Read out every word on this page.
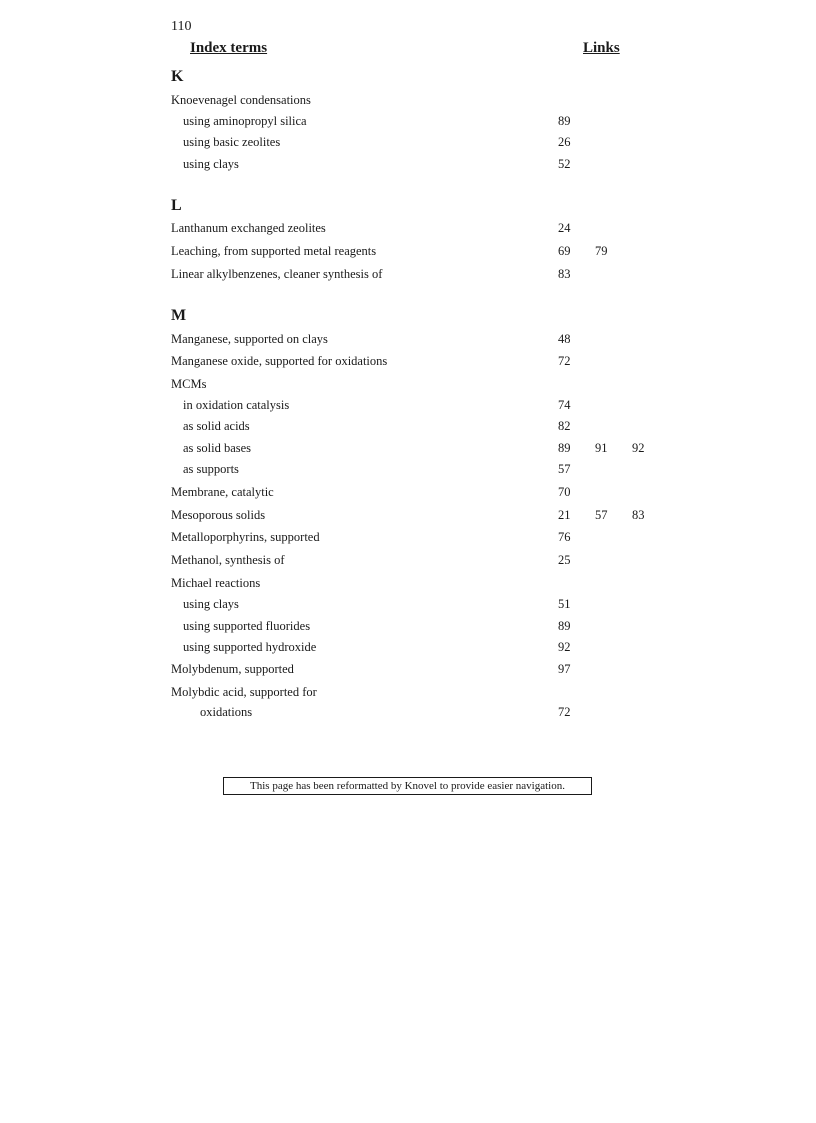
110
Index terms	Links
K
Knoevenagel condensations
using aminopropyl silica	89
using basic zeolites	26
using clays	52
L
Lanthanum exchanged zeolites	24
Leaching, from supported metal reagents	69 79
Linear alkylbenzenes, cleaner synthesis of	83
M
Manganese, supported on clays	48
Manganese oxide, supported for oxidations	72
MCMs
in oxidation catalysis	74
as solid acids	82
as solid bases	89 91 92
as supports	57
Membrane, catalytic	70
Mesoporous solids	21 57 83
Metalloporphyrins, supported	76
Methanol, synthesis of	25
Michael reactions
using clays	51
using supported fluorides	89
using supported hydroxide	92
Molybdenum, supported	97
Molybdic acid, supported for
oxidations	72
This page has been reformatted by Knovel to provide easier navigation.
